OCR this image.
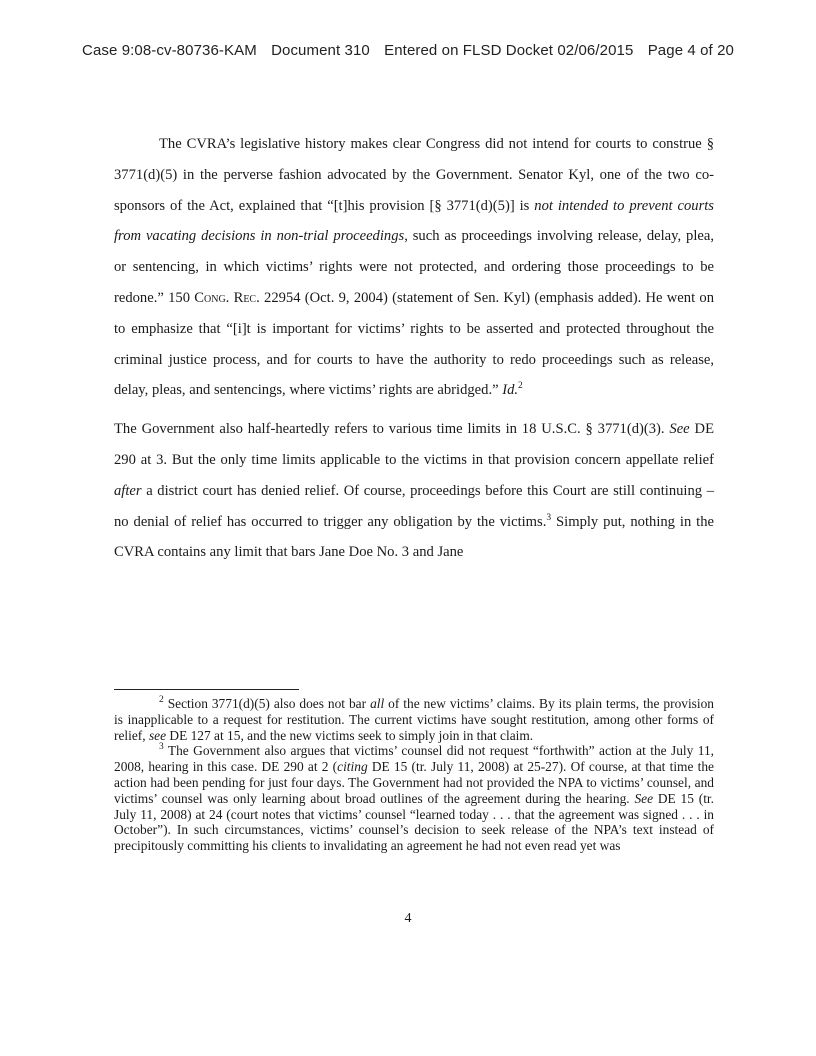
Case 9:08-cv-80736-KAM Document 310 Entered on FLSD Docket 02/06/2015 Page 4 of 20

The CVRA’s legislative history makes clear Congress did not intend for courts to construe § 3771(d)(5) in the perverse fashion advocated by the Government. Senator Kyl, one of the two co-sponsors of the Act, explained that “[t]his provision [§ 3771(d)(5)] is not intended to prevent courts from vacating decisions in non-trial proceedings, such as proceedings involving release, delay, plea, or sentencing, in which victims’ rights were not protected, and ordering those proceedings to be redone.” 150 Cong. Rec. 22954 (Oct. 9, 2004) (statement of Sen. Kyl) (emphasis added). He went on to emphasize that “[i]t is important for victims’ rights to be asserted and protected throughout the criminal justice process, and for courts to have the authority to redo proceedings such as release, delay, pleas, and sentencings, where victims’ rights are abridged.” Id.$^2$

The Government also half-heartedly refers to various time limits in 18 U.S.C. § 3771(d)(3). See DE 290 at 3. But the only time limits applicable to the victims in that provision concern appellate relief after a district court has denied relief. Of course, proceedings before this Court are still continuing – no denial of relief has occurred to trigger any obligation by the victims.$^3$ Simply put, nothing in the CVRA contains any limit that bars Jane Doe No. 3 and Jane

$^2$ Section 3771(d)(5) also does not bar all of the new victims’ claims. By its plain terms, the provision is inapplicable to a request for restitution. The current victims have sought restitution, among other forms of relief, see DE 127 at 15, and the new victims seek to simply join in that claim.

$^3$ The Government also argues that victims’ counsel did not request “forthwith” action at the July 11, 2008, hearing in this case. DE 290 at 2 (citing DE 15 (tr. July 11, 2008) at 25-27). Of course, at that time the action had been pending for just four days. The Government had not provided the NPA to victims’ counsel, and victims’ counsel was only learning about broad outlines of the agreement during the hearing. See DE 15 (tr. July 11, 2008) at 24 (court notes that victims’ counsel “learned today . . . that the agreement was signed . . . in October”). In such circumstances, victims’ counsel’s decision to seek release of the NPA’s text instead of precipitously committing his clients to invalidating an agreement he had not even read yet was

4
